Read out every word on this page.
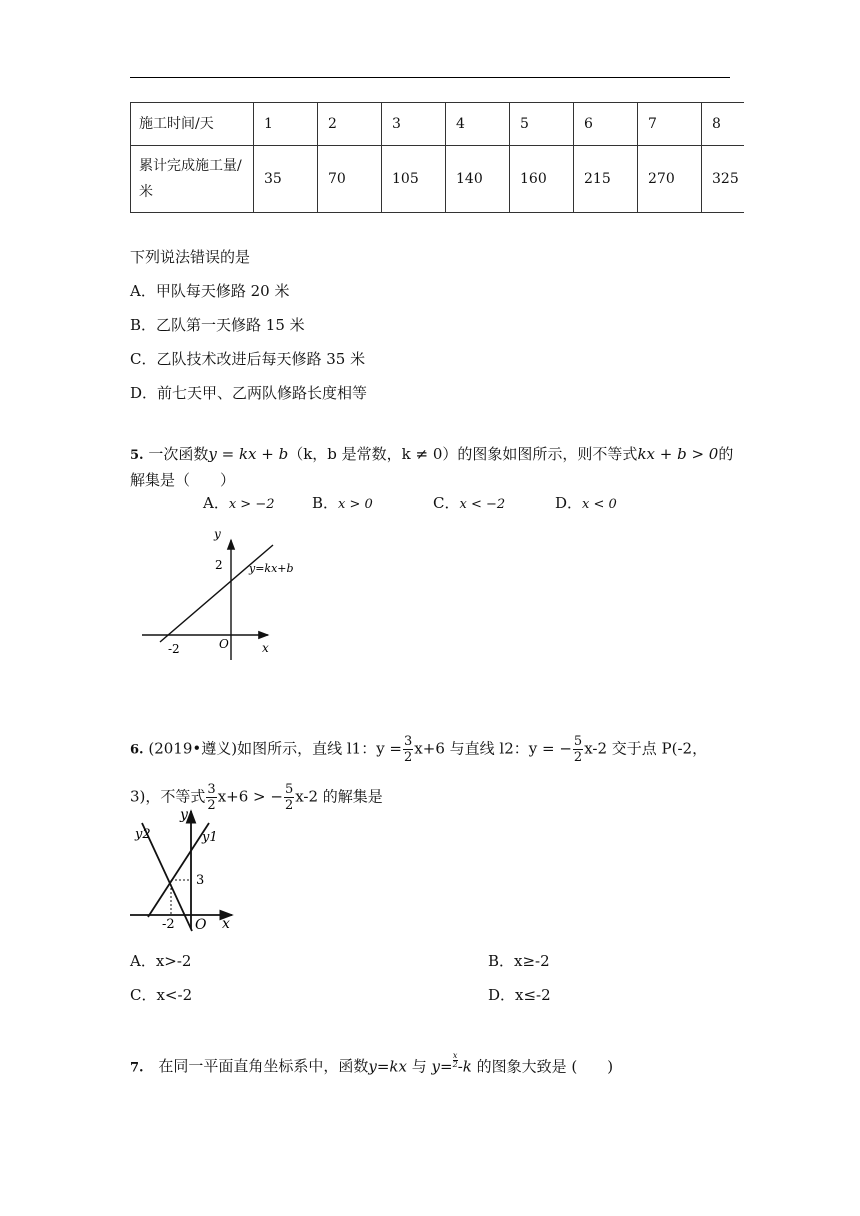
施工时间/天	1	2	3	4	5	6	7	8
累计完成施工量/米	35	70	105	140	160	215	270	325
下列说法错误的是
A．甲队每天修路 20 米
B．乙队第一天修路 15 米
C．乙队技术改进后每天修路 35 米
D．前七天甲、乙两队修路长度相等
5. 一次函数y = kx + b（k，b 是常数，k ≠ 0）的图象如图所示，则不等式kx + b > 0的
解集是（　　）
A．x > −2	B．x > 0	C．x < −2	D．x < 0
y
x
2
-2	O
y=kx+b
6. (2019•遵义)如图所示，直线 l1：$y = \frac{3}{2} x+6$ 与直线 l2：y = − $\frac{5}{2} x-2$ 交于点 P(-2，
3)，不等式 $\frac{3}{2} x+6$ > − $\frac{5}{2} x-2$ 的解集是
y
x
y2	y1
3
-2 O
A．x>-2	B．x≥-2
C．x<-2	D．x≤-2
7. 在同一平面直角坐标系中，函数y=kx 与 $y= \frac{x}{2} -k$ 的图象大致是 (　　)
